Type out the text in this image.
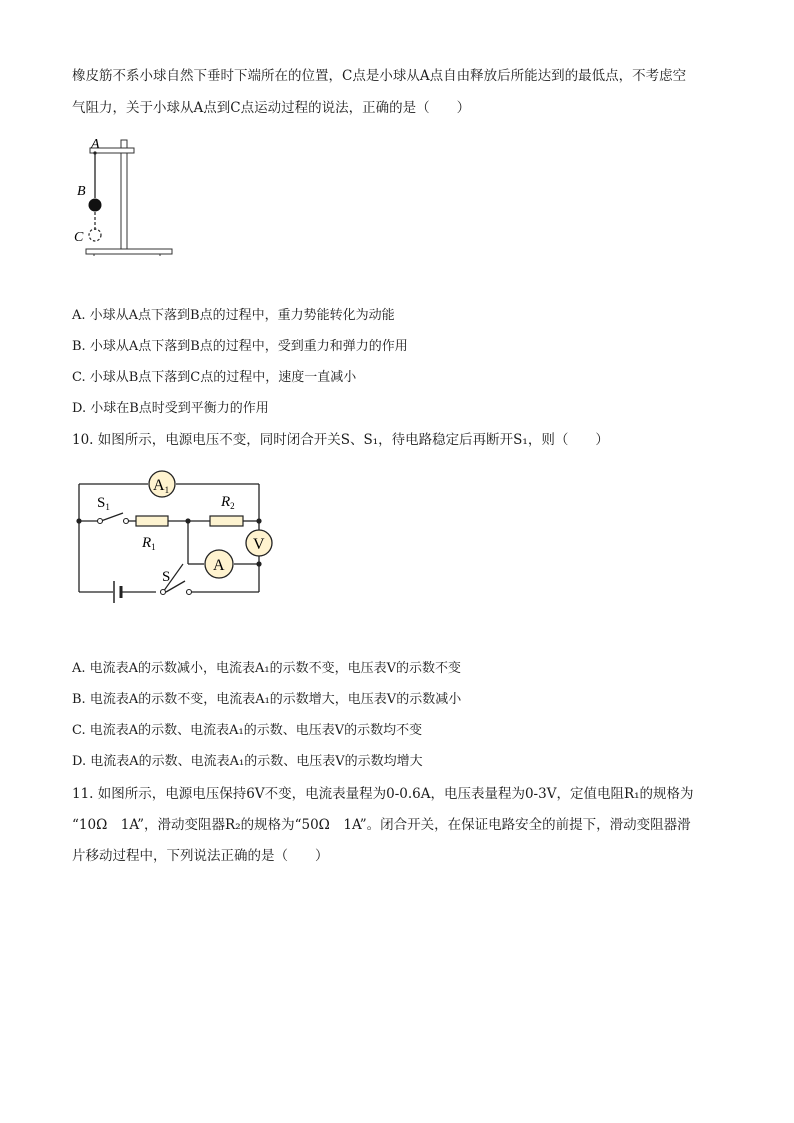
橡皮筋不系小球自然下垂时下端所在的位置，C点是小球从A点自由释放后所能达到的最低点，不考虑空
气阻力，关于小球从A点到C点运动过程的说法，正确的是（　　）
A
B
C
A. 小球从A点下落到B点的过程中，重力势能转化为动能
B. 小球从A点下落到B点的过程中，受到重力和弹力的作用
C. 小球从B点下落到C点的过程中，速度一直减小
D. 小球在B点时受到平衡力的作用
10. 如图所示，电源电压不变，同时闭合开关S、S₁，待电路稳定后再断开S₁，则（　　）
A1
A
V
$S_1$
S
$R_1$
$R_2$
A. 电流表A的示数减小，电流表A₁的示数不变，电压表V的示数不变
B. 电流表A的示数不变，电流表A₁的示数增大，电压表V的示数减小
C. 电流表A的示数、电流表A₁的示数、电压表V的示数均不变
D. 电流表A的示数、电流表A₁的示数、电压表V的示数均增大
11. 如图所示，电源电压保持6V不变，电流表量程为0-0.6A，电压表量程为0-3V，定值电阻R₁的规格为
“10Ω　1A”，滑动变阻器R₂的规格为“50Ω　1A”。闭合开关，在保证电路安全的前提下，滑动变阻器滑
片移动过程中，下列说法正确的是（　　）
